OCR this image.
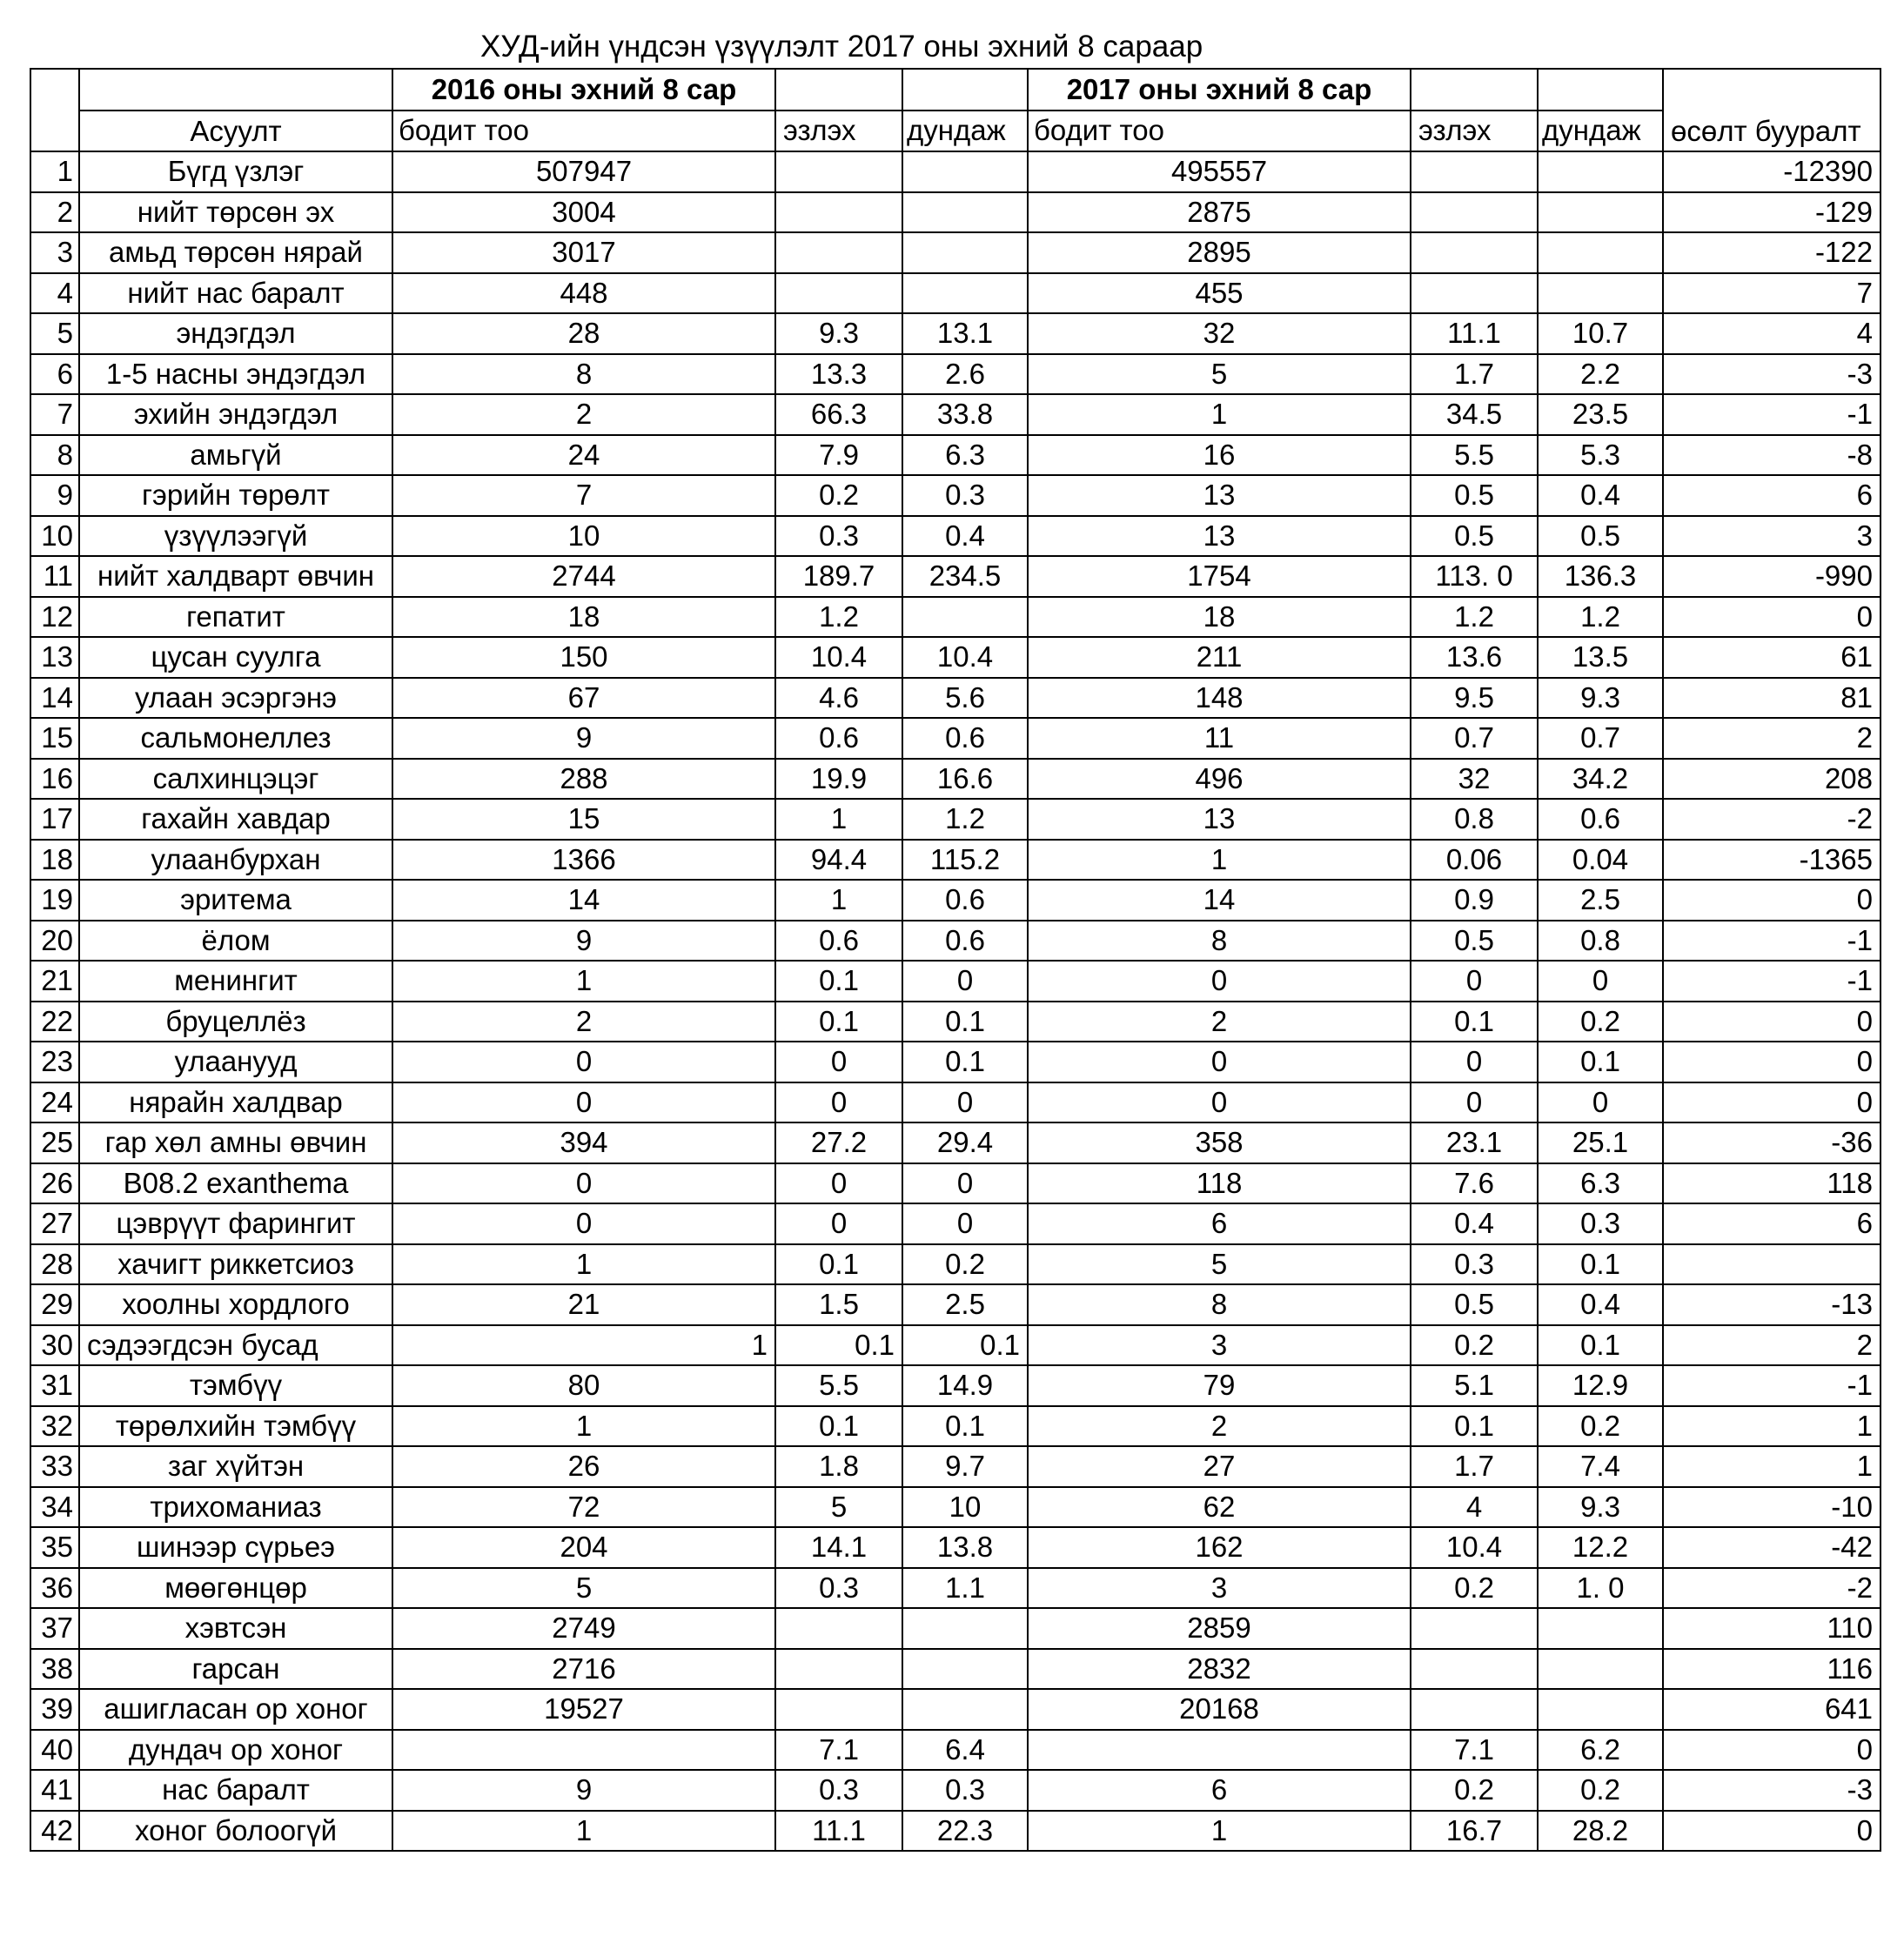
ХУД-ийн үндсэн үзүүлэлт 2017 оны эхний 8 сараар
		2016 оны эхний 8 сар			2017 оны эхний 8 сар			өсөлт бууралт
	Асуулт	бодит тоо	эзлэх	дундаж	бодит тоо	эзлэх	дундаж	
1	Бүгд үзлэг	507947			495557			-12390
2	нийт төрсөн эх	3004			2875			-129
3	амьд төрсөн нярай	3017			2895			-122
4	нийт нас баралт	448			455			7
5	эндэгдэл	28	9.3	13.1	32	11.1	10.7	4
6	1-5 насны эндэгдэл	8	13.3	2.6	5	1.7	2.2	-3
7	эхийн эндэгдэл	2	66.3	33.8	1	34.5	23.5	-1
8	амьгүй	24	7.9	6.3	16	5.5	5.3	-8
9	гэрийн төрөлт	7	0.2	0.3	13	0.5	0.4	6
10	үзүүлээгүй	10	0.3	0.4	13	0.5	0.5	3
11	нийт халдварт өвчин	2744	189.7	234.5	1754	113. 0	136.3	-990
12	гепатит	18	1.2		18	1.2	1.2	0
13	цусан суулга	150	10.4	10.4	211	13.6	13.5	61
14	улаан эсэргэнэ	67	4.6	5.6	148	9.5	9.3	81
15	сальмонеллез	9	0.6	0.6	11	0.7	0.7	2
16	салхинцэцэг	288	19.9	16.6	496	32	34.2	208
17	гахайн хавдар	15	1	1.2	13	0.8	0.6	-2
18	улаанбурхан	1366	94.4	115.2	1	0.06	0.04	-1365
19	эритема	14	1	0.6	14	0.9	2.5	0
20	ёлом	9	0.6	0.6	8	0.5	0.8	-1
21	менингит	1	0.1	0	0	0	0	-1
22	бруцеллёз	2	0.1	0.1	2	0.1	0.2	0
23	улаанууд	0	0	0.1	0	0	0.1	0
24	нярайн халдвар	0	0	0	0	0	0	0
25	гар хөл амны өвчин	394	27.2	29.4	358	23.1	25.1	-36
26	B08.2 exanthema	0	0	0	118	7.6	6.3	118
27	цэврүүт фарингит	0	0	0	6	0.4	0.3	6
28	хачигт риккетсиоз	1	0.1	0.2	5	0.3	0.1	
29	хоолны хордлого	21	1.5	2.5	8	0.5	0.4	-13
30	сэдээгдсэн бусад	1	0.1	0.1	3	0.2	0.1	2
31	тэмбүү	80	5.5	14.9	79	5.1	12.9	-1
32	төрөлхийн тэмбүү	1	0.1	0.1	2	0.1	0.2	1
33	заг хүйтэн	26	1.8	9.7	27	1.7	7.4	1
34	трихоманиаз	72	5	10	62	4	9.3	-10
35	шинээр сүрьеэ	204	14.1	13.8	162	10.4	12.2	-42
36	мөөгөнцөр	5	0.3	1.1	3	0.2	1. 0	-2
37	хэвтсэн	2749			2859			110
38	гарсан	2716			2832			116
39	ашигласан ор хоног	19527			20168			641
40	дундач ор хоног		7.1	6.4		7.1	6.2	0
41	нас баралт	9	0.3	0.3	6	0.2	0.2	-3
42	хоног болоогүй	1	11.1	22.3	1	16.7	28.2	0
